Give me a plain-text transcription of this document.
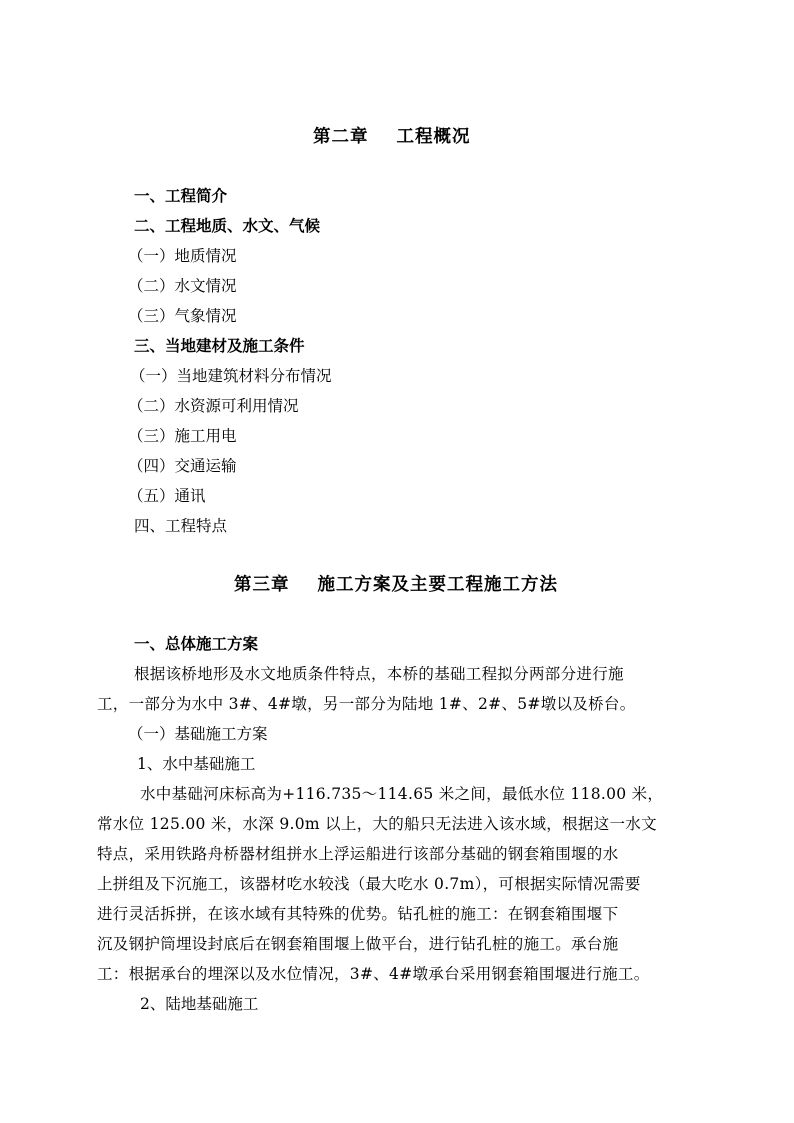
第二章 工程概况
一、工程简介
二、工程地质、水文、气候
（一）地质情况
（二）水文情况
（三）气象情况
三、当地建材及施工条件
（一）当地建筑材料分布情况
（二）水资源可利用情况
（三）施工用电
（四）交通运输
（五）通讯
四、工程特点
第三章 施工方案及主要工程施工方法
一、总体施工方案
根据该桥地形及水文地质条件特点，本桥的基础工程拟分两部分进行施
工，一部分为水中 3#、4#墩，另一部分为陆地 1#、2#、5#墩以及桥台。
（一）基础施工方案
1、水中基础施工
水中基础河床标高为+116.735～114.65 米之间，最低水位 118.00 米，
常水位 125.00 米，水深 9.0m 以上，大的船只无法进入该水域，根据这一水文
特点，采用铁路舟桥器材组拼水上浮运船进行该部分基础的钢套箱围堰的水
上拼组及下沉施工，该器材吃水较浅（最大吃水 0.7m），可根据实际情况需要
进行灵活拆拼，在该水域有其特殊的优势。钻孔桩的施工：在钢套箱围堰下
沉及钢护筒埋设封底后在钢套箱围堰上做平台，进行钻孔桩的施工。承台施
工：根据承台的埋深以及水位情况，3#、4#墩承台采用钢套箱围堰进行施工。
2、陆地基础施工
